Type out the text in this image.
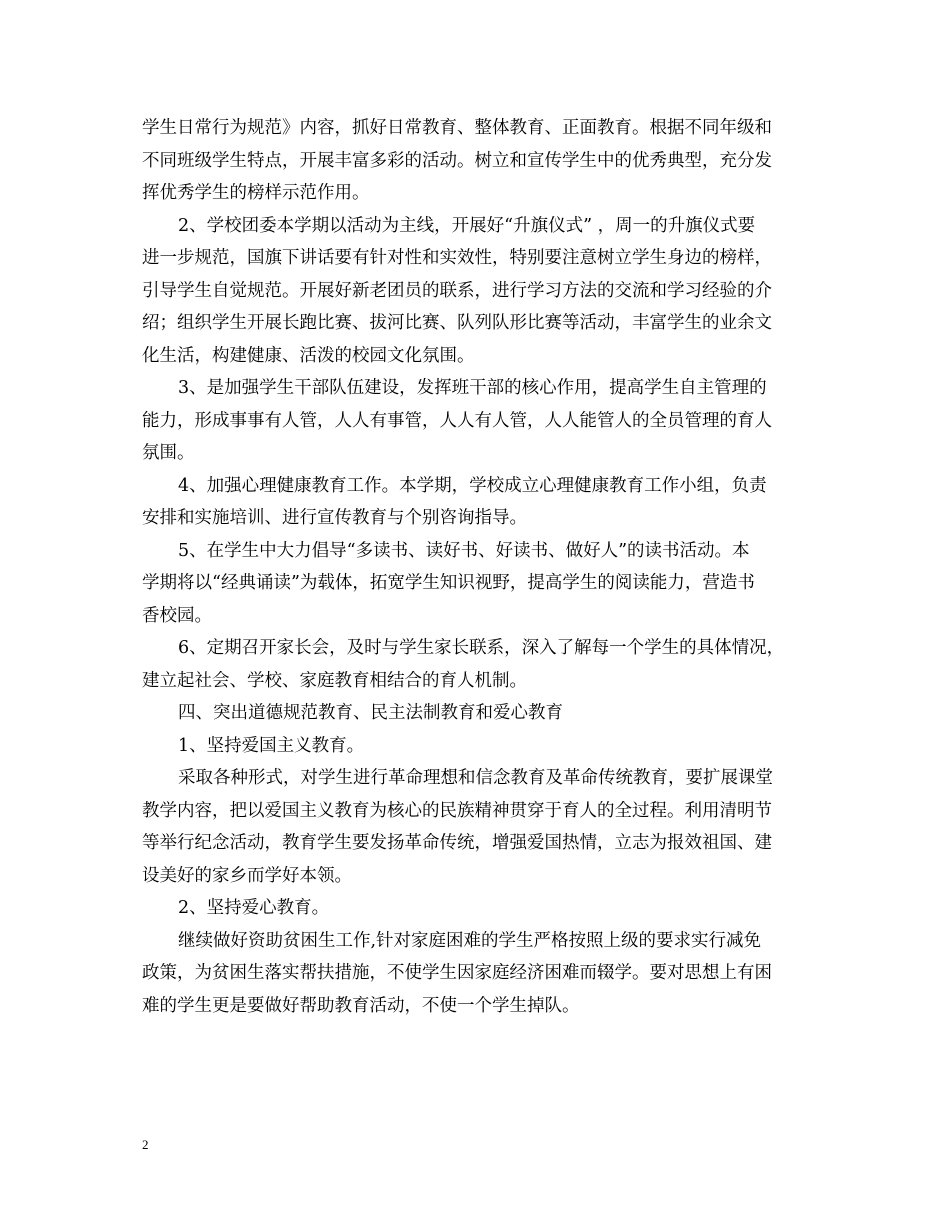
学生日常行为规范》内容，抓好日常教育、整体教育、正面教育。根据不同年级和
不同班级学生特点，开展丰富多彩的活动。树立和宣传学生中的优秀典型，充分发
挥优秀学生的榜样示范作用。
2、学校团委本学期以活动为主线，开展好“升旗仪式” ，周一的升旗仪式要
进一步规范，国旗下讲话要有针对性和实效性，特别要注意树立学生身边的榜样，
引导学生自觉规范。开展好新老团员的联系，进行学习方法的交流和学习经验的介
绍；组织学生开展长跑比赛、拔河比赛、队列队形比赛等活动，丰富学生的业余文
化生活，构建健康、活泼的校园文化氛围。
3、是加强学生干部队伍建设，发挥班干部的核心作用，提高学生自主管理的
能力，形成事事有人管，人人有事管，人人有人管，人人能管人的全员管理的育人
氛围。
4、加强心理健康教育工作。本学期，学校成立心理健康教育工作小组，负责
安排和实施培训、进行宣传教育与个别咨询指导。
5、在学生中大力倡导“多读书、读好书、好读书、做好人”的读书活动。本
学期将以“经典诵读”为载体，拓宽学生知识视野，提高学生的阅读能力，营造书
香校园。
6、定期召开家长会，及时与学生家长联系，深入了解每一个学生的具体情况，
建立起社会、学校、家庭教育相结合的育人机制。
四、突出道德规范教育、民主法制教育和爱心教育
1、坚持爱国主义教育。
采取各种形式，对学生进行革命理想和信念教育及革命传统教育，要扩展课堂
教学内容，把以爱国主义教育为核心的民族精神贯穿于育人的全过程。利用清明节
等举行纪念活动，教育学生要发扬革命传统，增强爱国热情，立志为报效祖国、建
设美好的家乡而学好本领。
2、坚持爱心教育。
继续做好资助贫困生工作,针对家庭困难的学生严格按照上级的要求实行减免
政策，为贫困生落实帮扶措施，不使学生因家庭经济困难而辍学。要对思想上有困
难的学生更是要做好帮助教育活动，不使一个学生掉队。
2
